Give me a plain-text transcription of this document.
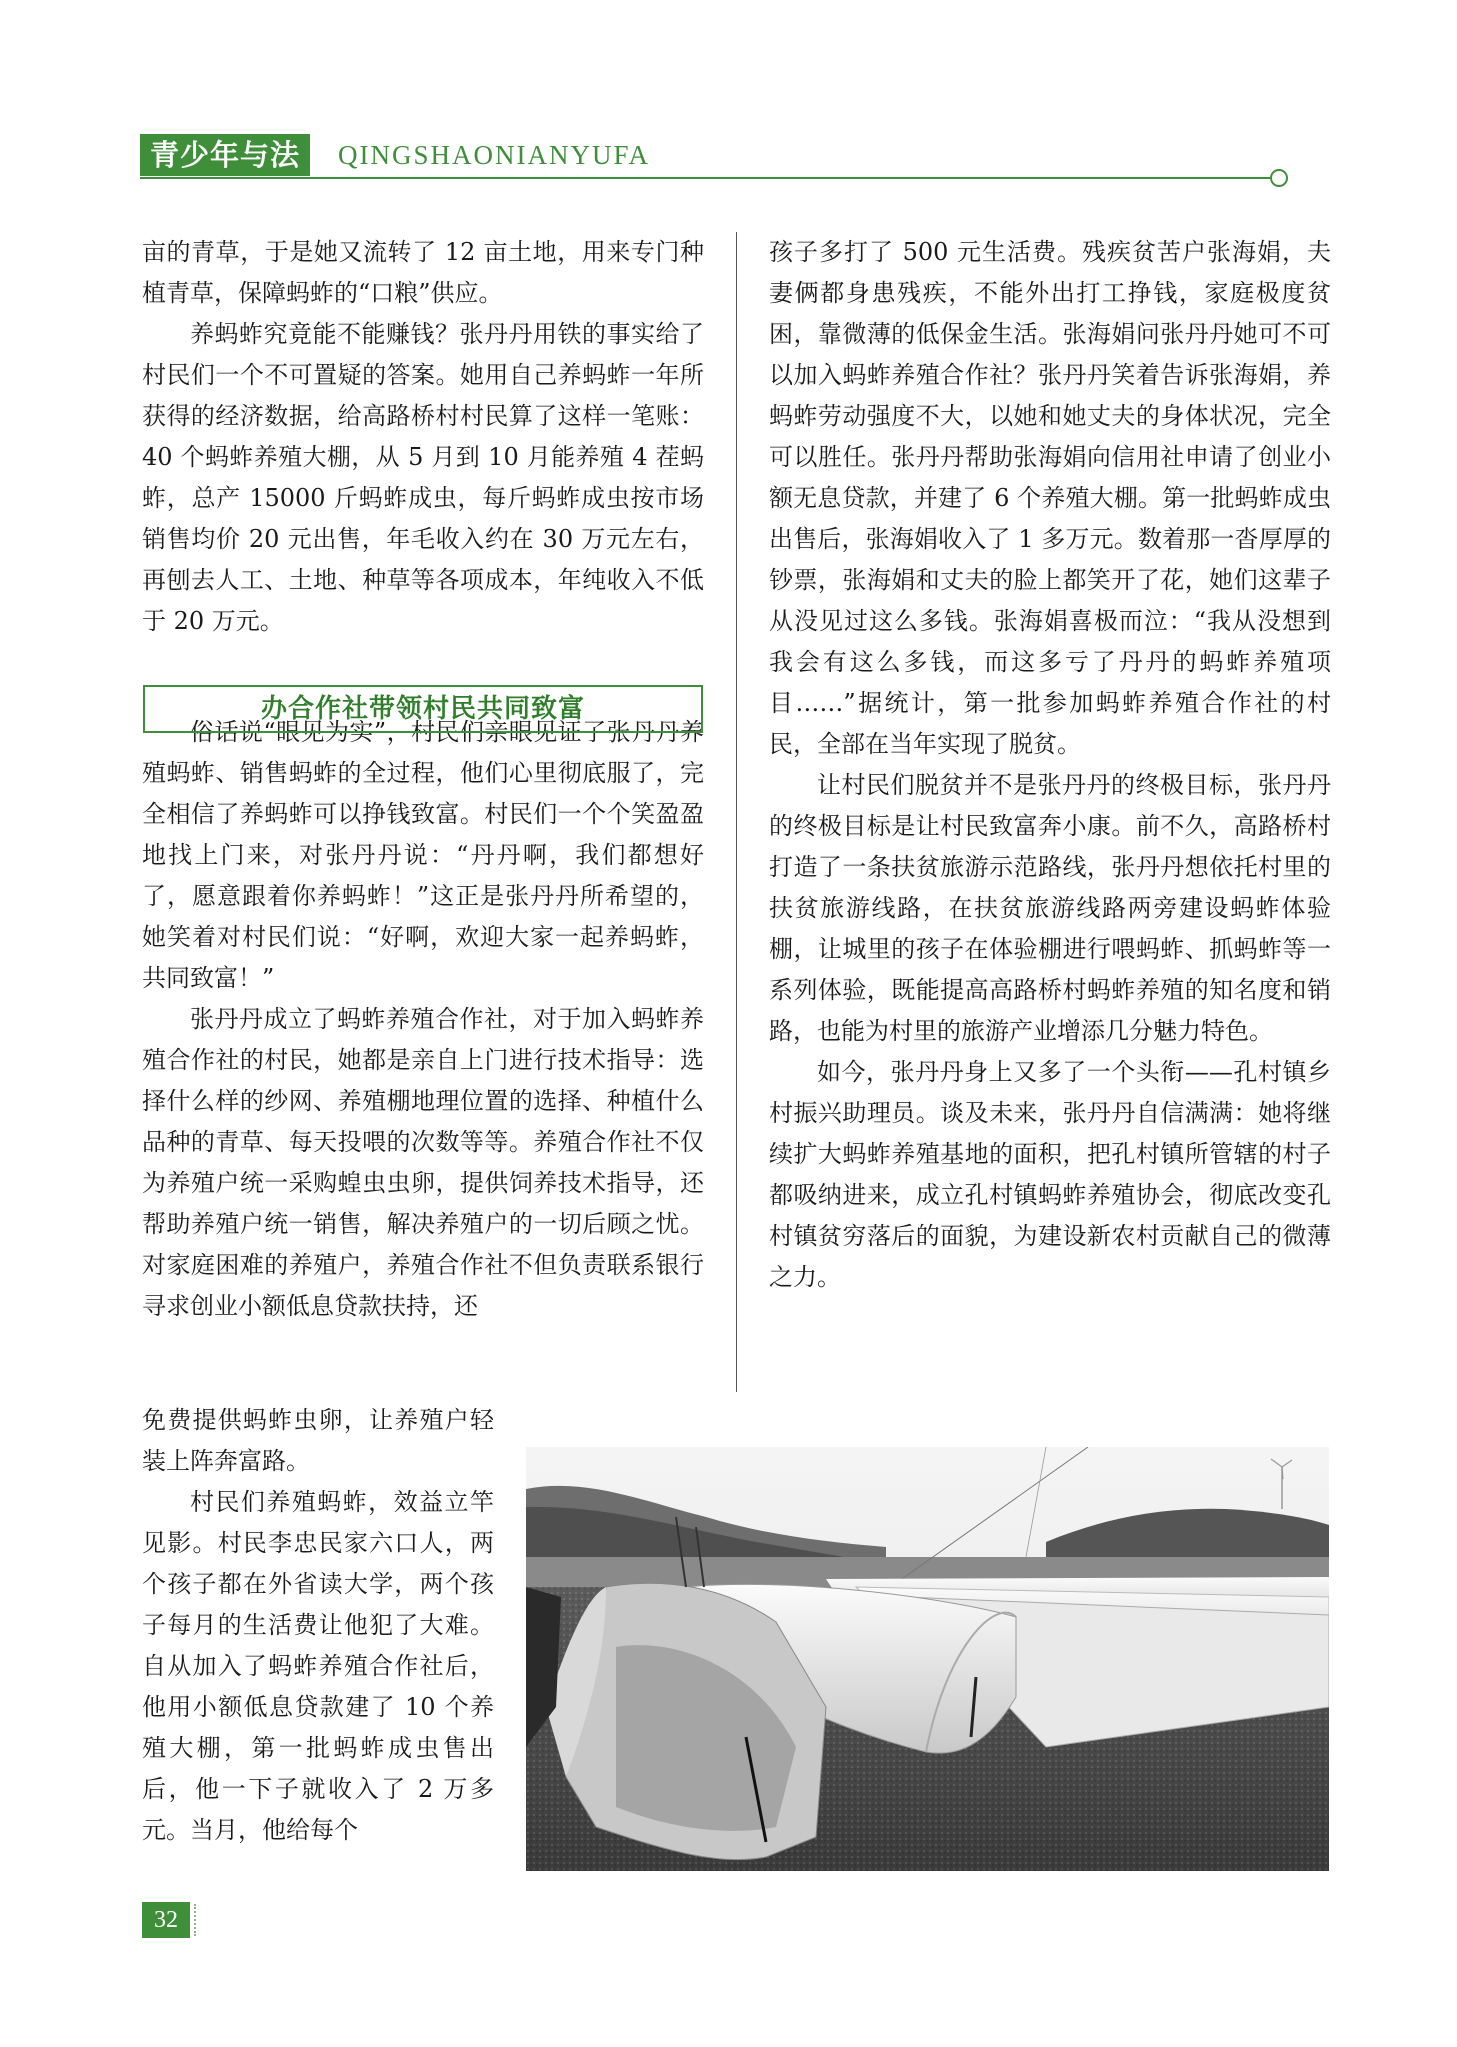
青少年与法	QINGSHAONIANYUFA

亩的青草，于是她又流转了 12 亩土地，用来专门种植青草，保障蚂蚱的“口粮”供应。

养蚂蚱究竟能不能赚钱？张丹丹用铁的事实给了村民们一个不可置疑的答案。她用自己养蚂蚱一年所获得的经济数据，给高路桥村村民算了这样一笔账：40 个蚂蚱养殖大棚，从 5 月到 10 月能养殖 4 茬蚂蚱，总产 15000 斤蚂蚱成虫，每斤蚂蚱成虫按市场销售均价 20 元出售，年毛收入约在 30 万元左右，再刨去人工、土地、种草等各项成本，年纯收入不低于 20 万元。

俗话说“眼见为实”，村民们亲眼见证了张丹丹养殖蚂蚱、销售蚂蚱的全过程，他们心里彻底服了，完全相信了养蚂蚱可以挣钱致富。村民们一个个笑盈盈地找上门来，对张丹丹说：“丹丹啊，我们都想好了，愿意跟着你养蚂蚱！”这正是张丹丹所希望的，她笑着对村民们说：“好啊，欢迎大家一起养蚂蚱，共同致富！”

张丹丹成立了蚂蚱养殖合作社，对于加入蚂蚱养殖合作社的村民，她都是亲自上门进行技术指导：选择什么样的纱网、养殖棚地理位置的选择、种植什么品种的青草、每天投喂的次数等等。养殖合作社不仅为养殖户统一采购蝗虫虫卵，提供饲养技术指导，还帮助养殖户统一销售，解决养殖户的一切后顾之忧。对家庭困难的养殖户，养殖合作社不但负责联系银行寻求创业小额低息贷款扶持，还

办合作社带领村民共同致富

孩子多打了 500 元生活费。残疾贫苦户张海娟，夫妻俩都身患残疾，不能外出打工挣钱，家庭极度贫困，靠微薄的低保金生活。张海娟问张丹丹她可不可以加入蚂蚱养殖合作社？张丹丹笑着告诉张海娟，养蚂蚱劳动强度不大，以她和她丈夫的身体状况，完全可以胜任。张丹丹帮助张海娟向信用社申请了创业小额无息贷款，并建了 6 个养殖大棚。第一批蚂蚱成虫出售后，张海娟收入了 1 多万元。数着那一沓厚厚的钞票，张海娟和丈夫的脸上都笑开了花，她们这辈子从没见过这么多钱。张海娟喜极而泣：“我从没想到我会有这么多钱，而这多亏了丹丹的蚂蚱养殖项目……”据统计，第一批参加蚂蚱养殖合作社的村民，全部在当年实现了脱贫。

让村民们脱贫并不是张丹丹的终极目标，张丹丹的终极目标是让村民致富奔小康。前不久，高路桥村打造了一条扶贫旅游示范路线，张丹丹想依托村里的扶贫旅游线路，在扶贫旅游线路两旁建设蚂蚱体验棚，让城里的孩子在体验棚进行喂蚂蚱、抓蚂蚱等一系列体验，既能提高高路桥村蚂蚱养殖的知名度和销路，也能为村里的旅游产业增添几分魅力特色。

如今，张丹丹身上又多了一个头衔——孔村镇乡村振兴助理员。谈及未来，张丹丹自信满满：她将继续扩大蚂蚱养殖基地的面积，把孔村镇所管辖的村子都吸纳进来，成立孔村镇蚂蚱养殖协会，彻底改变孔村镇贫穷落后的面貌，为建设新农村贡献自己的微薄之力。

免费提供蚂蚱虫卵，让养殖户轻装上阵奔富路。

村民们养殖蚂蚱，效益立竿见影。村民李忠民家六口人，两个孩子都在外省读大学，两个孩子每月的生活费让他犯了大难。自从加入了蚂蚱养殖合作社后，他用小额低息贷款建了 10 个养殖大棚，第一批蚂蚱成虫售出后，他一下子就收入了 2 万多元。当月，他给每个

32
